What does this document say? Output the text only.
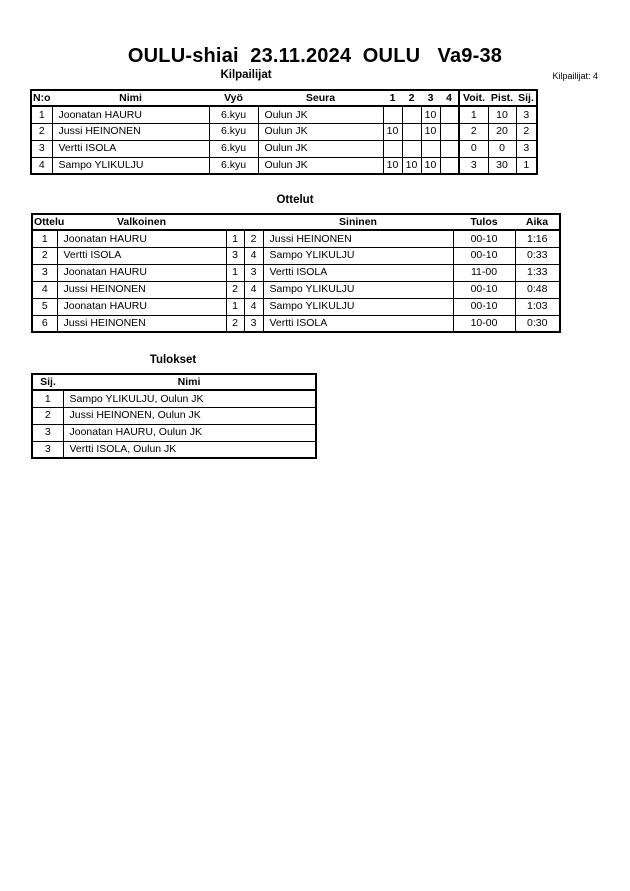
OULU-shiai  23.11.2024  OULU   Va9-38
Kilpailijat	Kilpailijat: 4
N:o	Nimi	Vyö	Seura	1	2	3	4	Voit.	Pist.	Sij.
1	Joonatan HAURU	6.kyu	Oulun JK			10		1	10	3
2	Jussi HEINONEN	6.kyu	Oulun JK	10		10		2	20	2
3	Vertti ISOLA	6.kyu	Oulun JK					0	0	3
4	Sampo YLIKULJU	6.kyu	Oulun JK	10	10	10		3	30	1
Ottelut
Ottelu	Valkoinen			Sininen	Tulos	Aika
1	Joonatan HAURU	1	2	Jussi HEINONEN	00-10	1:16
2	Vertti ISOLA	3	4	Sampo YLIKULJU	00-10	0:33
3	Joonatan HAURU	1	3	Vertti ISOLA	11-00	1:33
4	Jussi HEINONEN	2	4	Sampo YLIKULJU	00-10	0:48
5	Joonatan HAURU	1	4	Sampo YLIKULJU	00-10	1:03
6	Jussi HEINONEN	2	3	Vertti ISOLA	10-00	0:30
Tulokset
Sij.	Nimi
1	Sampo YLIKULJU, Oulun JK
2	Jussi HEINONEN, Oulun JK
3	Joonatan HAURU, Oulun JK
3	Vertti ISOLA, Oulun JK
